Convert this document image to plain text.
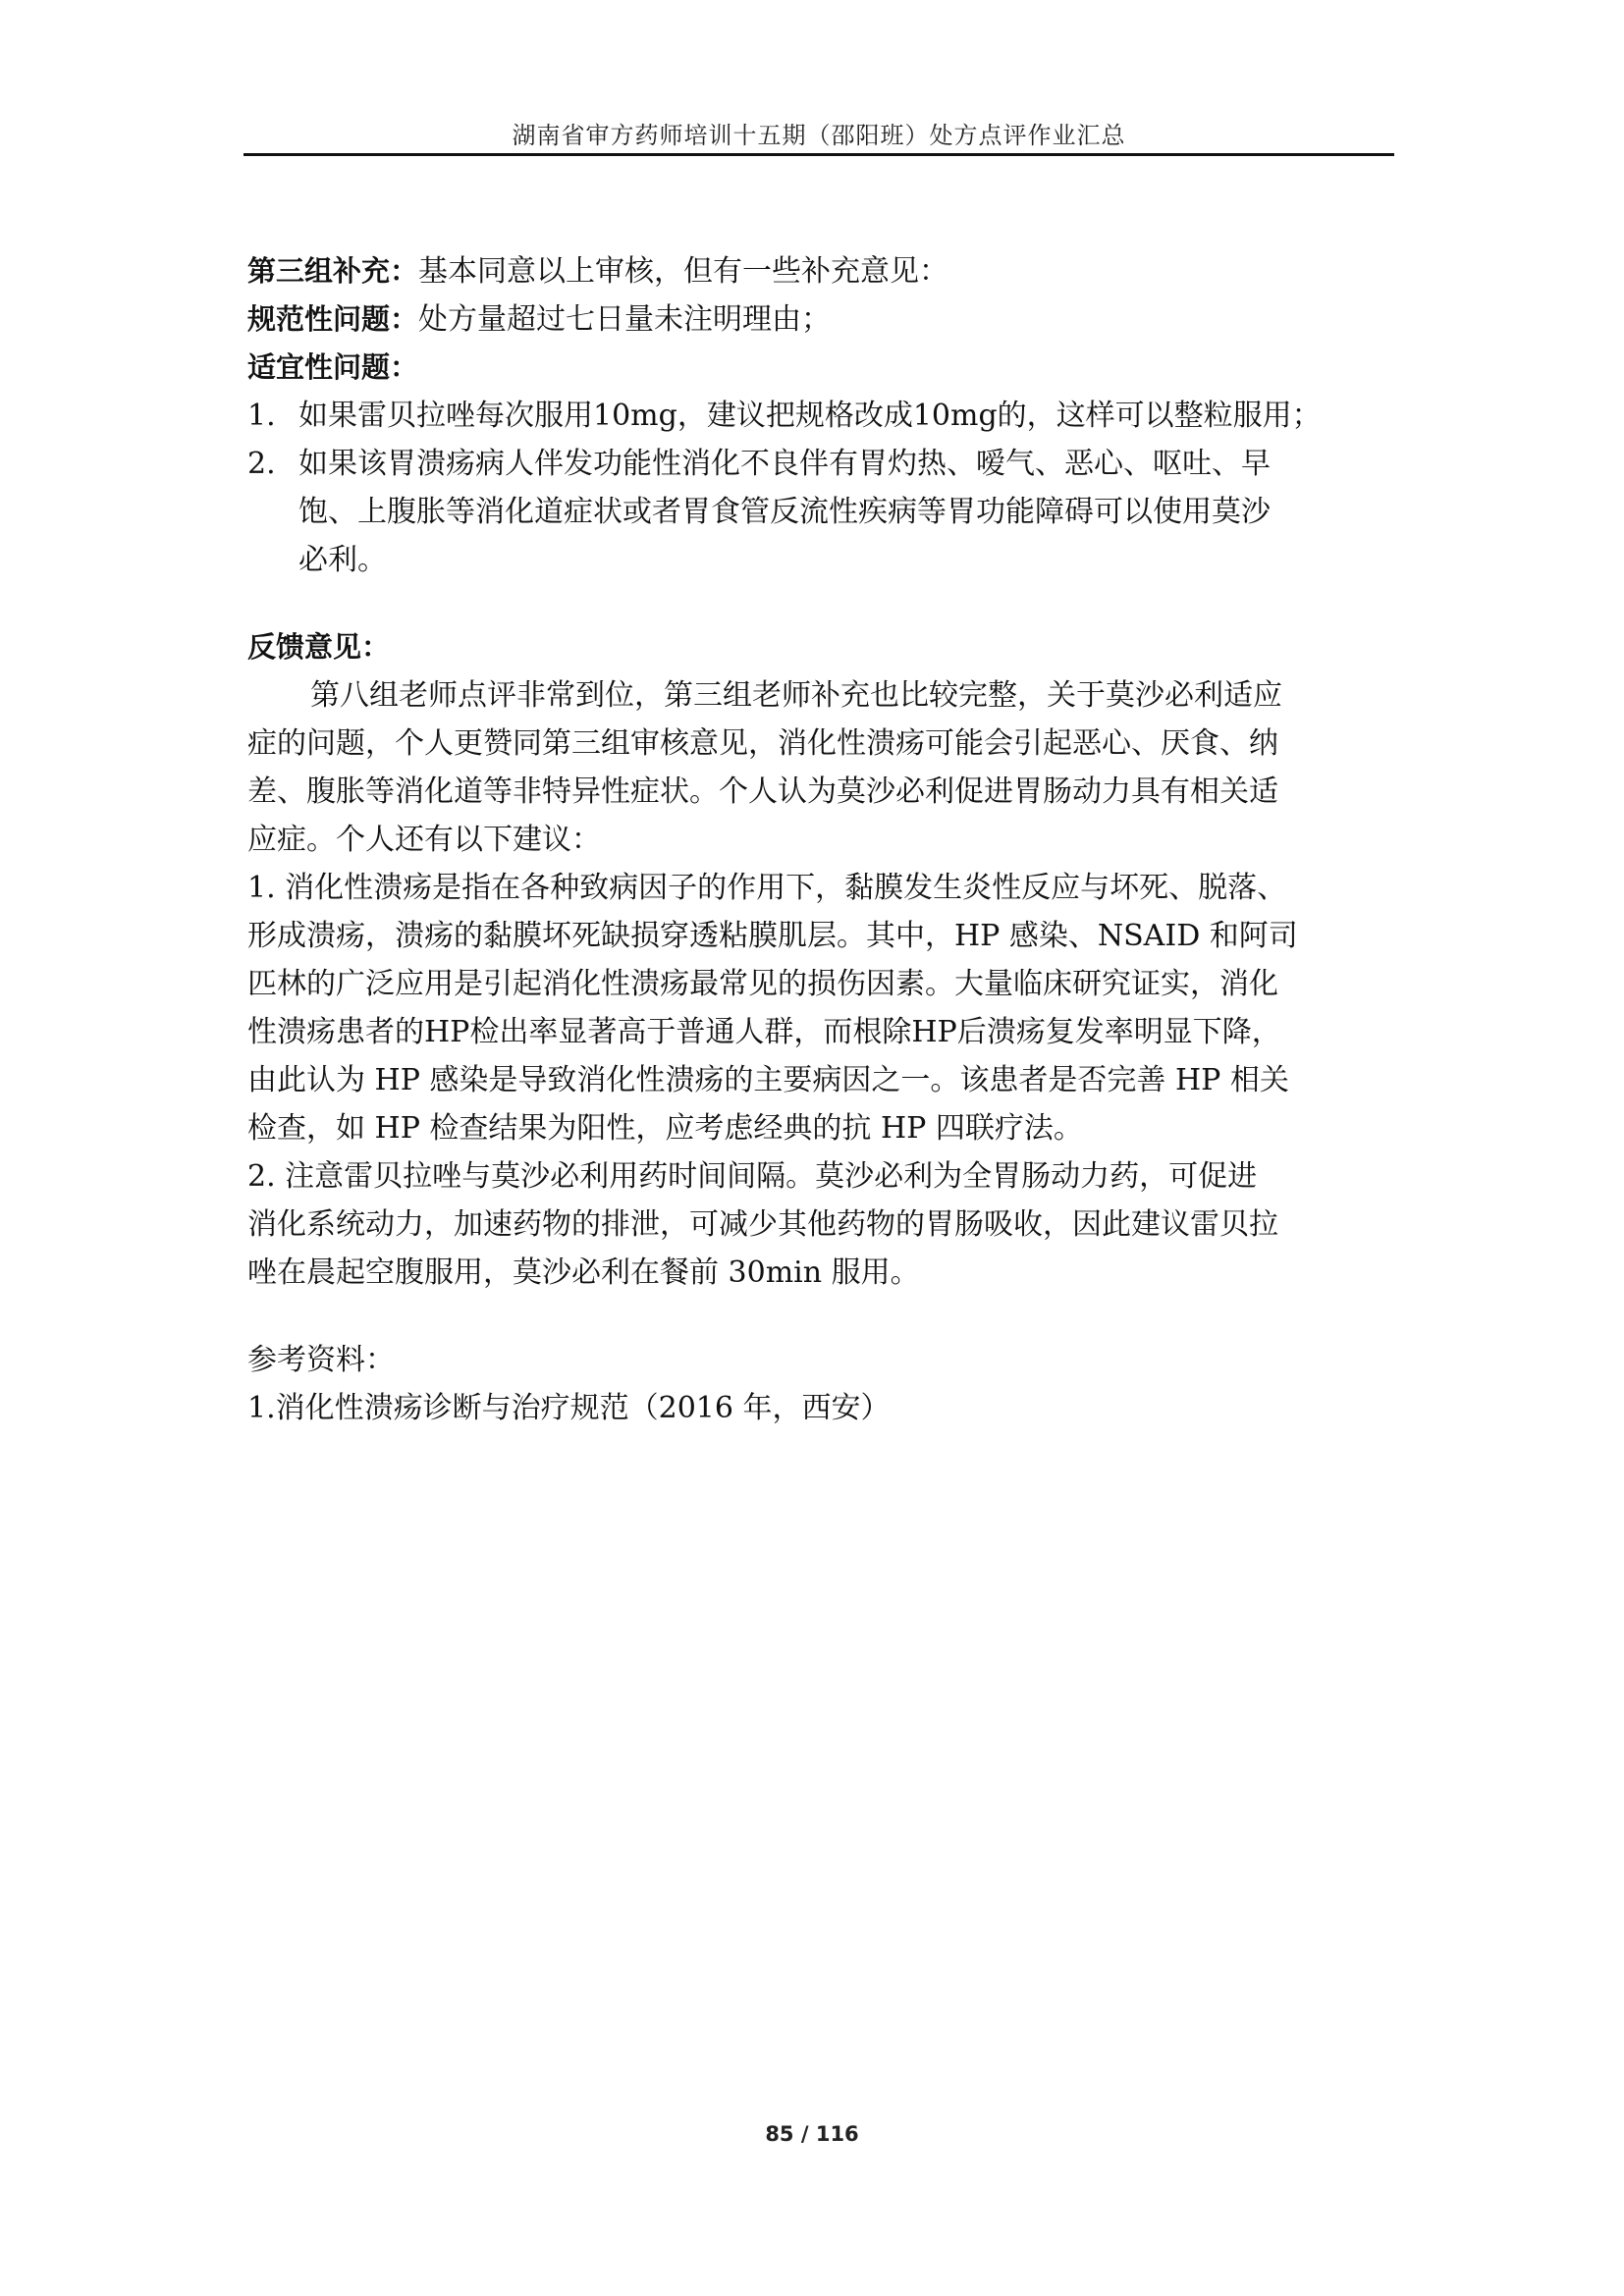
湖南省审方药师培训十五期（邵阳班）处方点评作业汇总
第三组补充：基本同意以上审核，但有一些补充意见：
规范性问题：处方量超过七日量未注明理由；
适宜性问题：
1. 如果雷贝拉唑每次服用10mg，建议把规格改成10mg的，这样可以整粒服用；
2. 如果该胃溃疡病人伴发功能性消化不良伴有胃灼热、嗳气、恶心、呕吐、早
饱、上腹胀等消化道症状或者胃食管反流性疾病等胃功能障碍可以使用莫沙
必利。
反馈意见：
第八组老师点评非常到位，第三组老师补充也比较完整，关于莫沙必利适应
症的问题，个人更赞同第三组审核意见，消化性溃疡可能会引起恶心、厌食、纳
差、腹胀等消化道等非特异性症状。个人认为莫沙必利促进胃肠动力具有相关适
应症。个人还有以下建议：
1. 消化性溃疡是指在各种致病因子的作用下，黏膜发生炎性反应与坏死、脱落、
形成溃疡，溃疡的黏膜坏死缺损穿透粘膜肌层。其中，HP 感染、NSAID 和阿司
匹林的广泛应用是引起消化性溃疡最常见的损伤因素。大量临床研究证实，消化
性溃疡患者的HP检出率显著高于普通人群，而根除HP后溃疡复发率明显下降，
由此认为 HP 感染是导致消化性溃疡的主要病因之一。该患者是否完善 HP 相关
检查，如 HP 检查结果为阳性，应考虑经典的抗 HP 四联疗法。
2. 注意雷贝拉唑与莫沙必利用药时间间隔。莫沙必利为全胃肠动力药，可促进
消化系统动力，加速药物的排泄，可减少其他药物的胃肠吸收，因此建议雷贝拉
唑在晨起空腹服用，莫沙必利在餐前 30min 服用。
参考资料：
1.消化性溃疡诊断与治疗规范（2016 年，西安）
85 / 116
